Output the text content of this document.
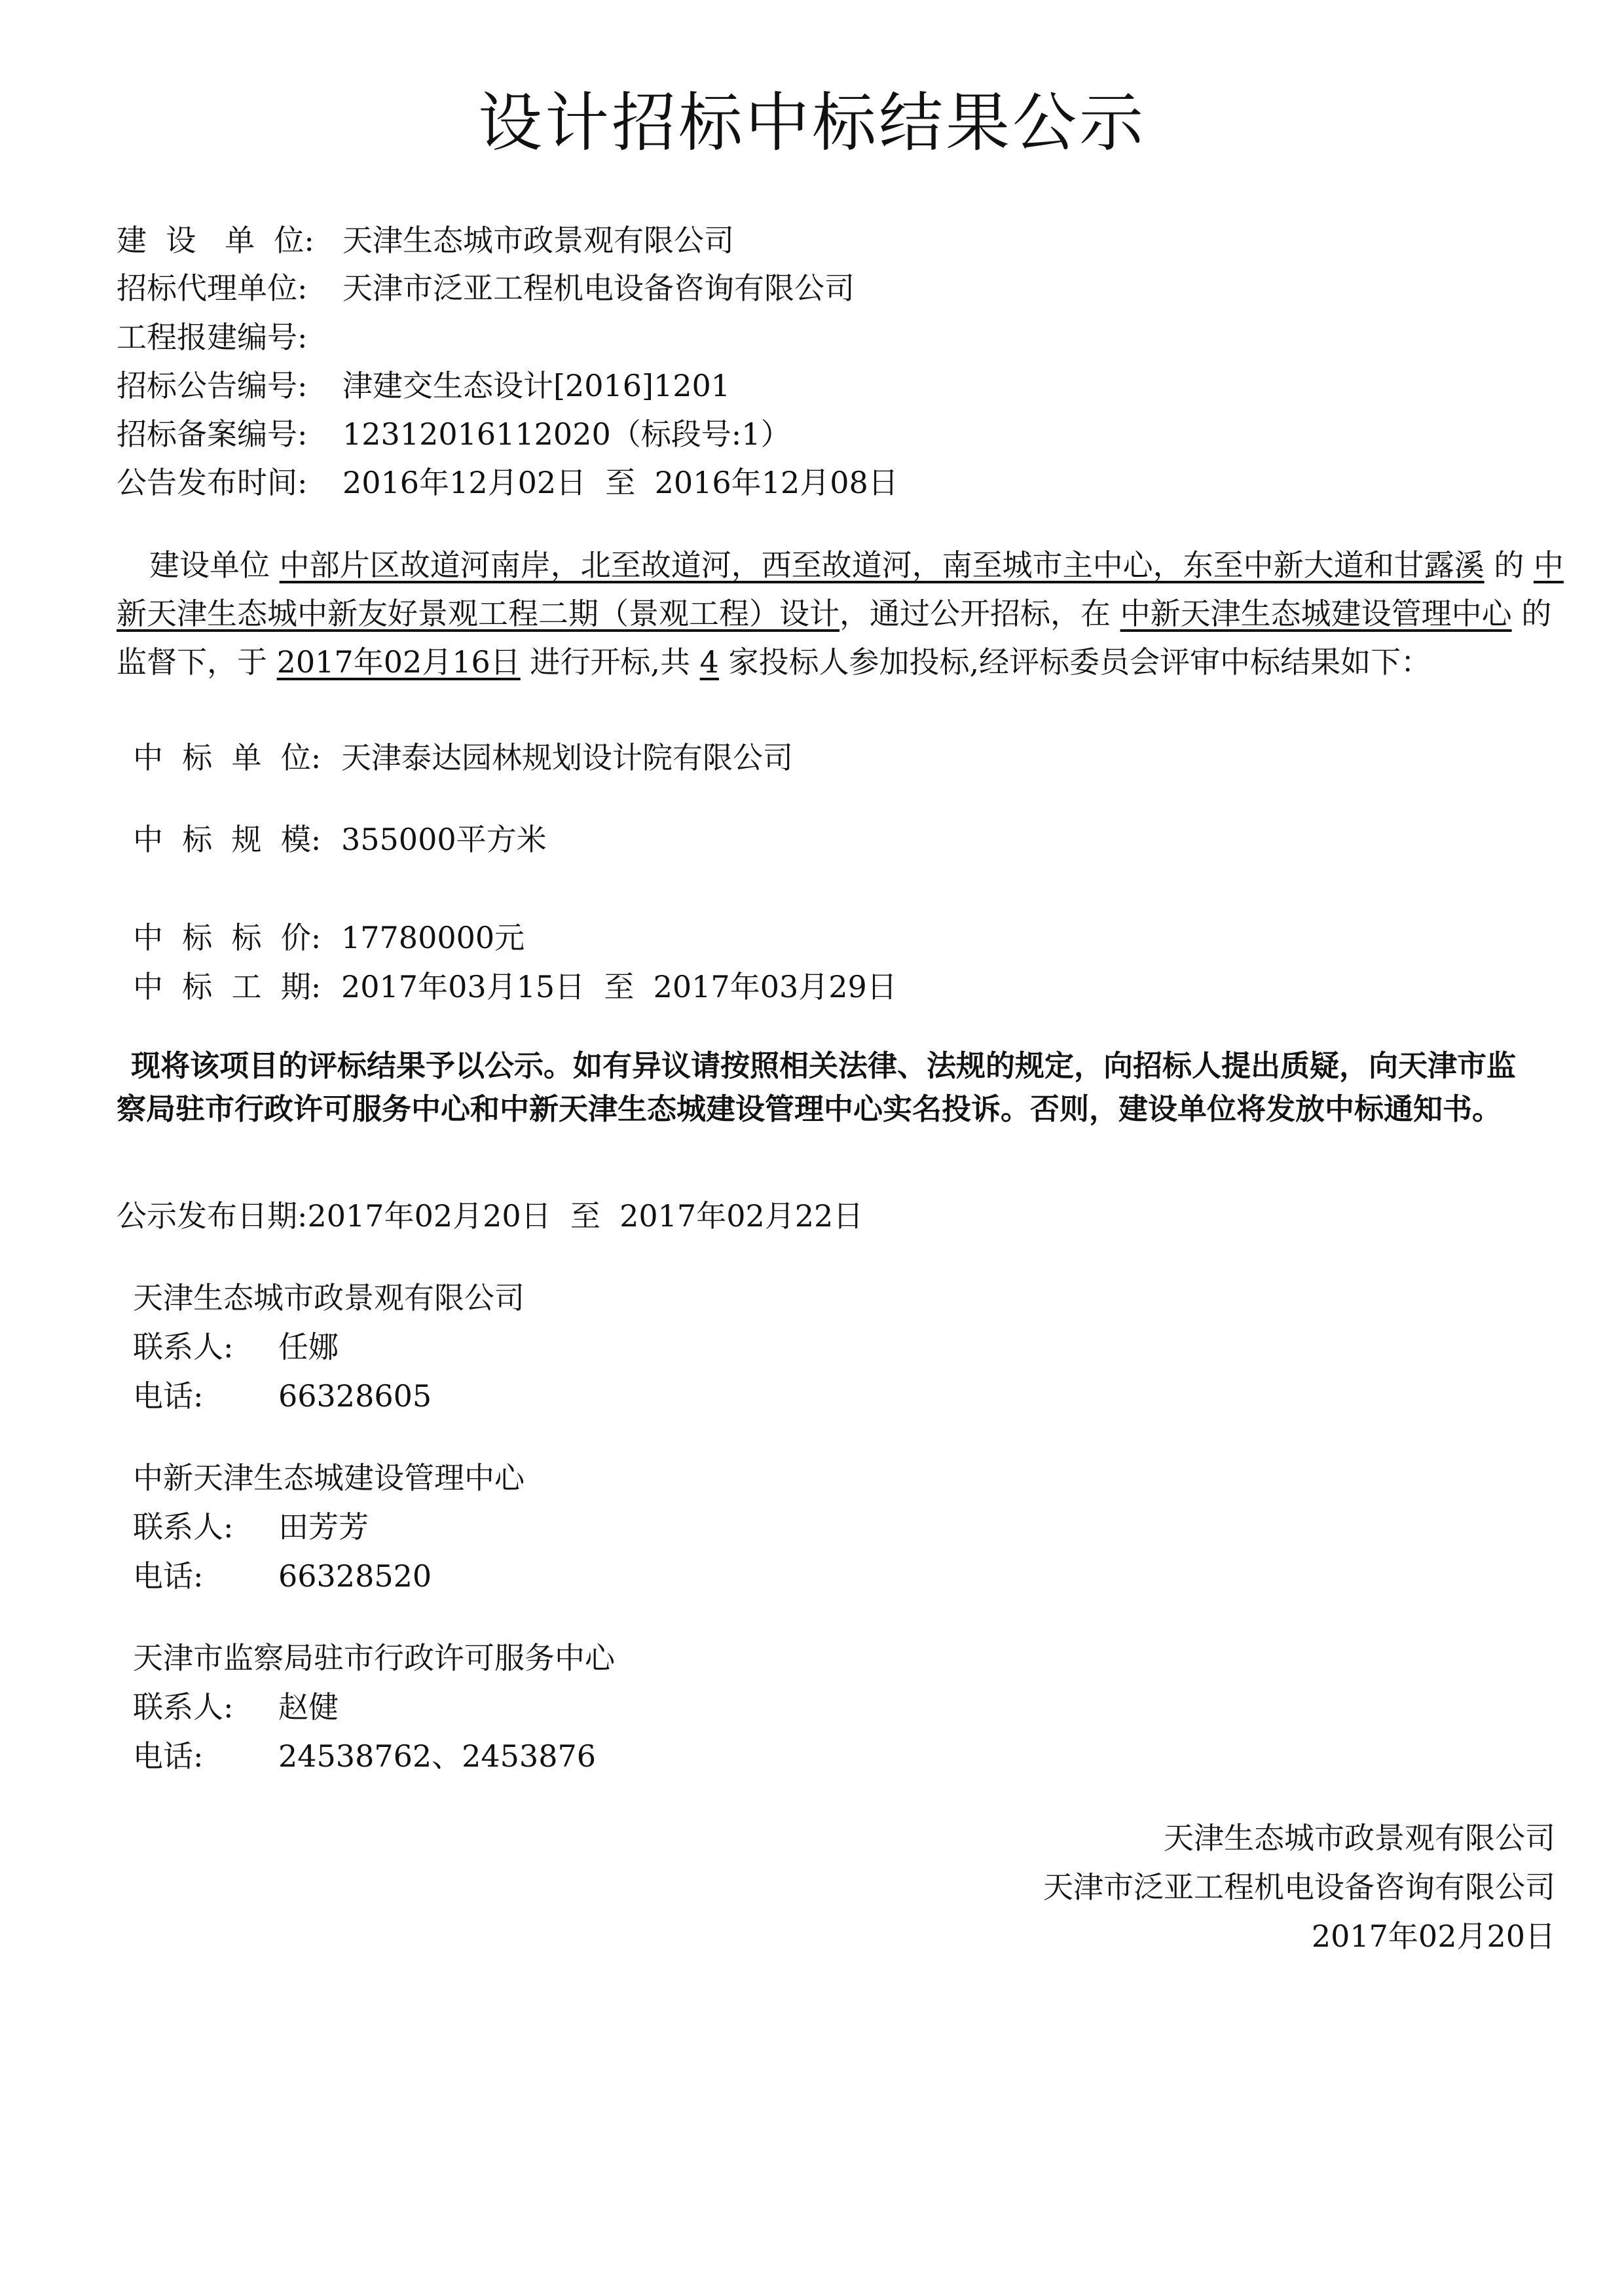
设计招标中标结果公示
建  设   单  位: 天津生态城市政景观有限公司
招标代理单位: 天津市泛亚工程机电设备咨询有限公司
工程报建编号:
招标公告编号: 津建交生态设计[2016]1201
招标备案编号: 12312016112020（标段号:1）
公告发布时间: 2016年12月02日  至  2016年12月08日
建设单位 中部片区故道河南岸，北至故道河，西至故道河，南至城市主中心，东至中新大道和甘露溪 的 中新天津生态城中新友好景观工程二期（景观工程）设计，通过公开招标，在 中新天津生态城建设管理中心 的监督下，于 2017年02月16日 进行开标,共 4 家投标人参加投标,经评标委员会评审中标结果如下：
中  标  单  位: 天津泰达园林规划设计院有限公司
中  标  规  模: 355000平方米
中  标  标  价: 17780000元
中  标  工  期: 2017年03月15日  至  2017年03月29日
现将该项目的评标结果予以公示。如有异议请按照相关法律、法规的规定，向招标人提出质疑，向天津市监察局驻市行政许可服务中心和中新天津生态城建设管理中心实名投诉。否则，建设单位将发放中标通知书。
公示发布日期:2017年02月20日  至  2017年02月22日
天津生态城市政景观有限公司
联系人: 任娜
电话: 66328605
中新天津生态城建设管理中心
联系人: 田芳芳
电话: 66328520
天津市监察局驻市行政许可服务中心
联系人: 赵健
电话: 24538762、2453876
天津生态城市政景观有限公司
天津市泛亚工程机电设备咨询有限公司
2017年02月20日
